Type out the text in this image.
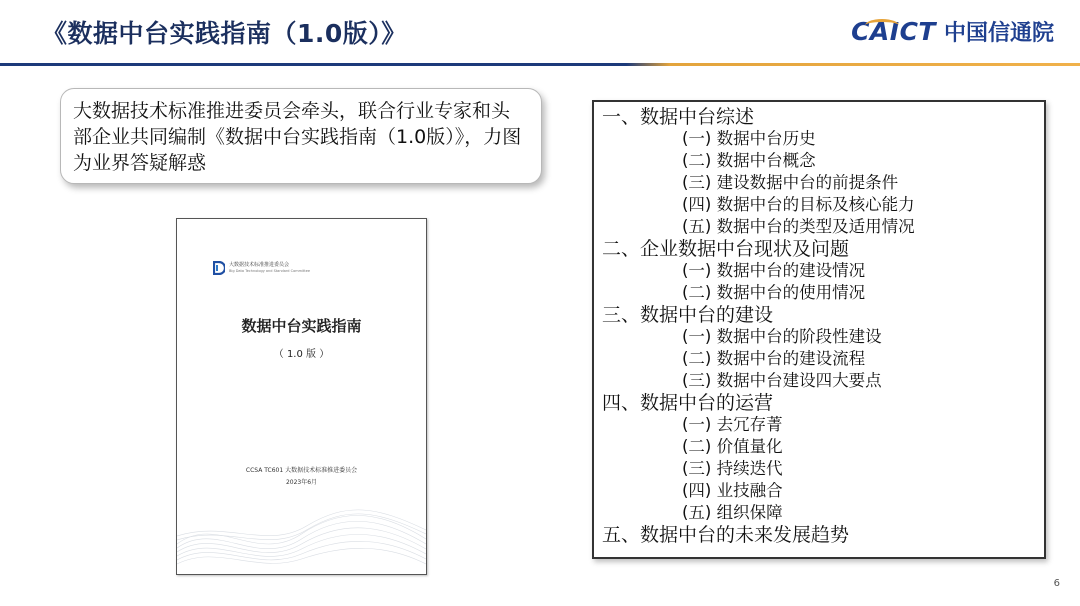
《数据中台实践指南（1.0版）》	CAICT 中国信通院
大数据技术标准推进委员会牵头，联合行业专家和头部企业共同编制《数据中台实践指南（1.0版）》，力图为业界答疑解惑
大数据技术标准推进委员会
Big Data Technology and Standard Committee
数据中台实践指南
（ 1.0 版 ）
CCSA TC601 大数据技术标准推进委员会
2023年6月
一、数据中台综述
(一) 数据中台历史
(二) 数据中台概念
(三) 建设数据中台的前提条件
(四) 数据中台的目标及核心能力
(五) 数据中台的类型及适用情况
二、企业数据中台现状及问题
(一) 数据中台的建设情况
(二) 数据中台的使用情况
三、数据中台的建设
(一) 数据中台的阶段性建设
(二) 数据中台的建设流程
(三) 数据中台建设四大要点
四、数据中台的运营
(一) 去冗存菁
(二) 价值量化
(三) 持续迭代
(四) 业技融合
(五) 组织保障
五、数据中台的未来发展趋势
6
